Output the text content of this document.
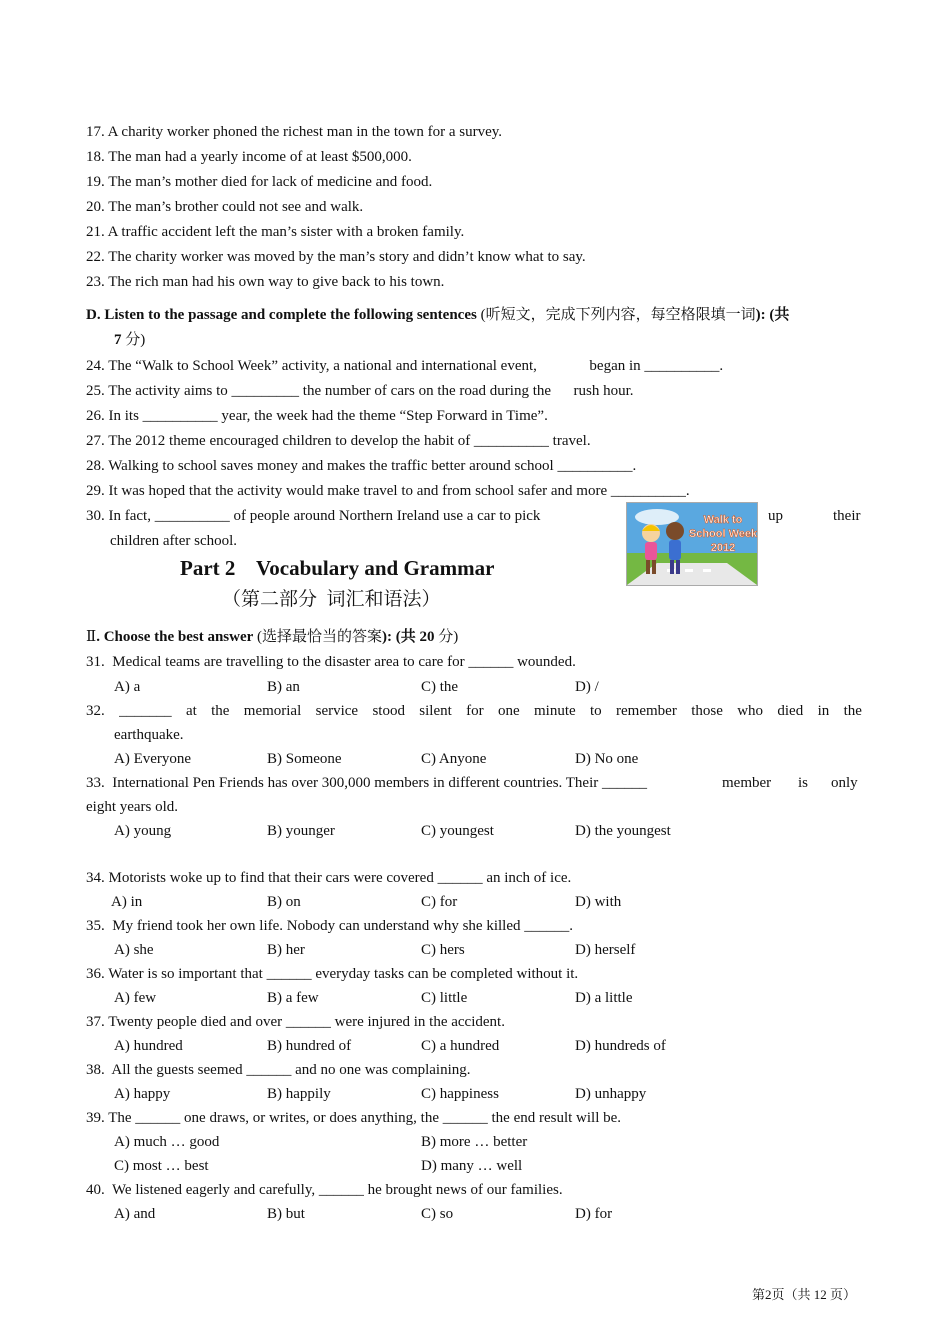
17. A charity worker phoned the richest man in the town for a survey.
18. The man had a yearly income of at least $500,000.
19. The man’s mother died for lack of medicine and food.
20. The man’s brother could not see and walk.
21. A traffic accident left the man’s sister with a broken family.
22. The charity worker was moved by the man’s story and didn’t know what to say.
23. The rich man had his own way to give back to his town.
D. Listen to the passage and complete the following sentences (听短文，完成下列内容，每空格限填一词): (共
7 分)
24. The “Walk to School Week” activity, a national and international event,              began in __________.
25. The activity aims to _________ the number of cars on the road during the      rush hour.
26. In its __________ year, the week had the theme “Step Forward in Time”.
27. The 2012 theme encouraged children to develop the habit of __________ travel.
28. Walking to school saves money and makes the traffic better around school __________.
29. It was hoped that the activity would make travel to and from school safer and more __________.
30. In fact, __________ of people around Northern Ireland use a car to pick	up	their
children after school.
Walk to
School Week
2012
Part 2    Vocabulary and Grammar
（第二部分  词汇和语法）
Ⅱ. Choose the best answer (选择最恰当的答案): (共 20 分)
31.  Medical teams are travelling to the disaster area to care for ______ wounded.
A) a	B) an	C) the	D) /
32. _______ at the memorial service stood silent for one minute to remember those who died in the
earthquake.
A) Everyone	B) Someone	C) Anyone	D) No one
33.  International Pen Friends has over 300,000 members in different countries. Their ______	member is only
eight years old.
A) young	B) younger	C) youngest	D) the youngest
34. Motorists woke up to find that their cars were covered ______ an inch of ice.
A) in	B) on	C) for	D) with
35.  My friend took her own life. Nobody can understand why she killed ______.
A) she	B) her	C) hers	D) herself
36. Water is so important that ______ everyday tasks can be completed without it.
A) few	B) a few	C) little	D) a little
37. Twenty people died and over ______ were injured in the accident.
A) hundred	B) hundred of	C) a hundred	D) hundreds of
38.  All the guests seemed ______ and no one was complaining.
A) happy	B) happily	C) happiness	D) unhappy
39. The ______ one draws, or writes, or does anything, the ______ the end result will be.
A) much … good	B) more … better
C) most … best	D) many … well
40.  We listened eagerly and carefully, ______ he brought news of our families.
A) and	B) but	C) so	D) for
第2页（共 12 页）
